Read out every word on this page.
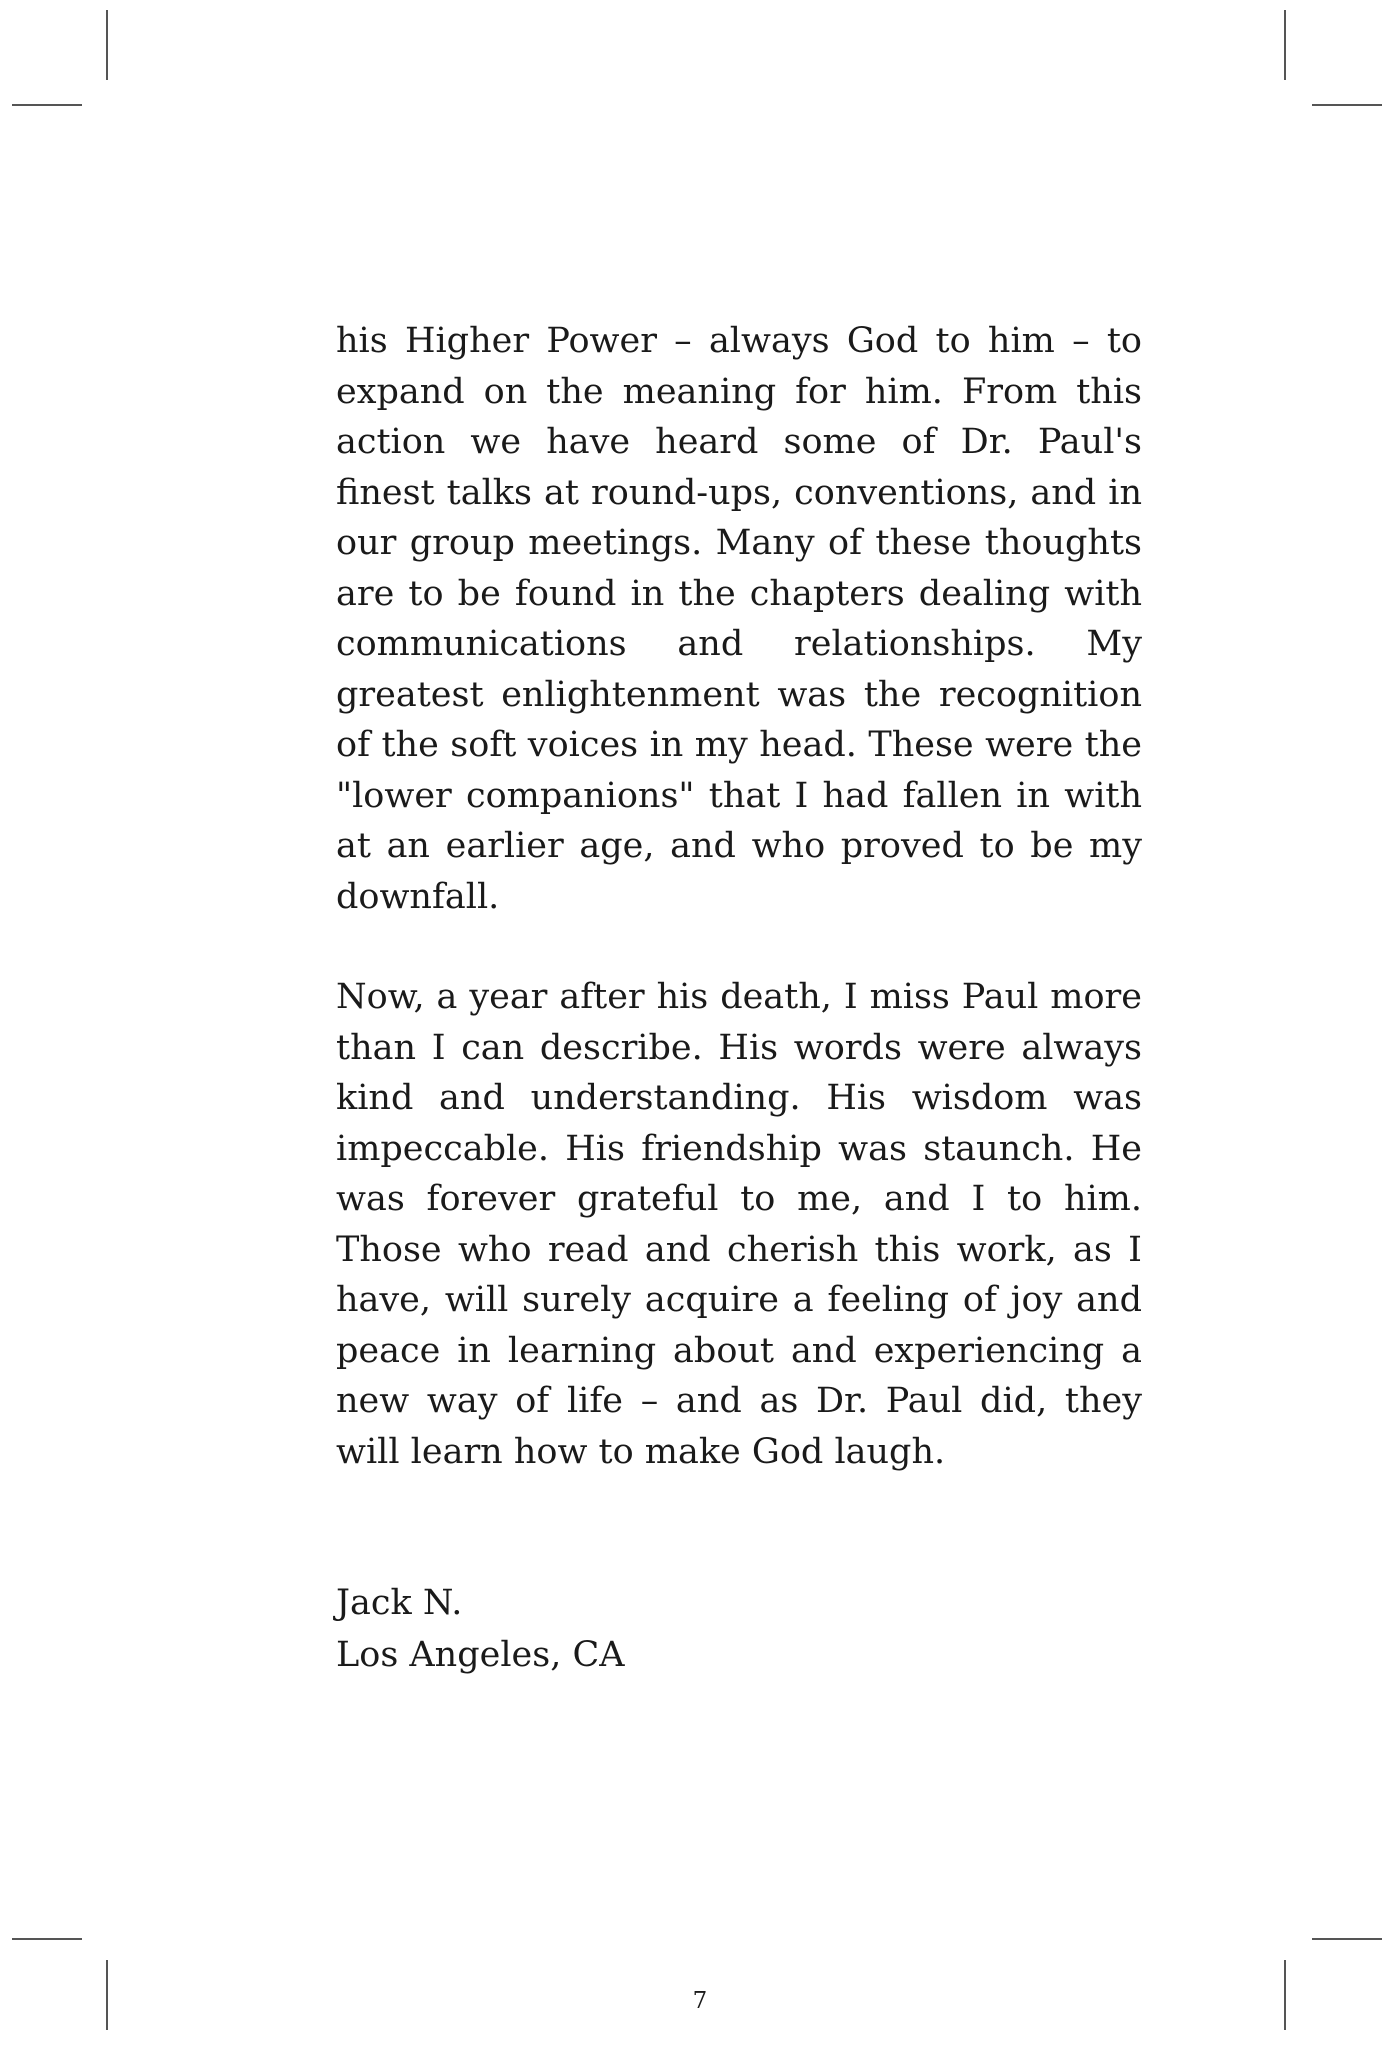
his Higher Power – always God to him – to expand on the meaning for him. From this action we have heard some of Dr. Paul's finest talks at round-ups, conventions, and in our group meetings. Many of these thoughts are to be found in the chapters dealing with communications and relationships. My greatest enlightenment was the recognition of the soft voices in my head. These were the "lower companions" that I had fallen in with at an earlier age, and who proved to be my downfall.

Now, a year after his death, I miss Paul more than I can describe. His words were always kind and understanding. His wisdom was impeccable. His friendship was staunch. He was forever grateful to me, and I to him. Those who read and cherish this work, as I have, will surely acquire a feeling of joy and peace in learning about and experiencing a new way of life – and as Dr. Paul did, they will learn how to make God laugh.

Jack N.
Los Angeles, CA
7
